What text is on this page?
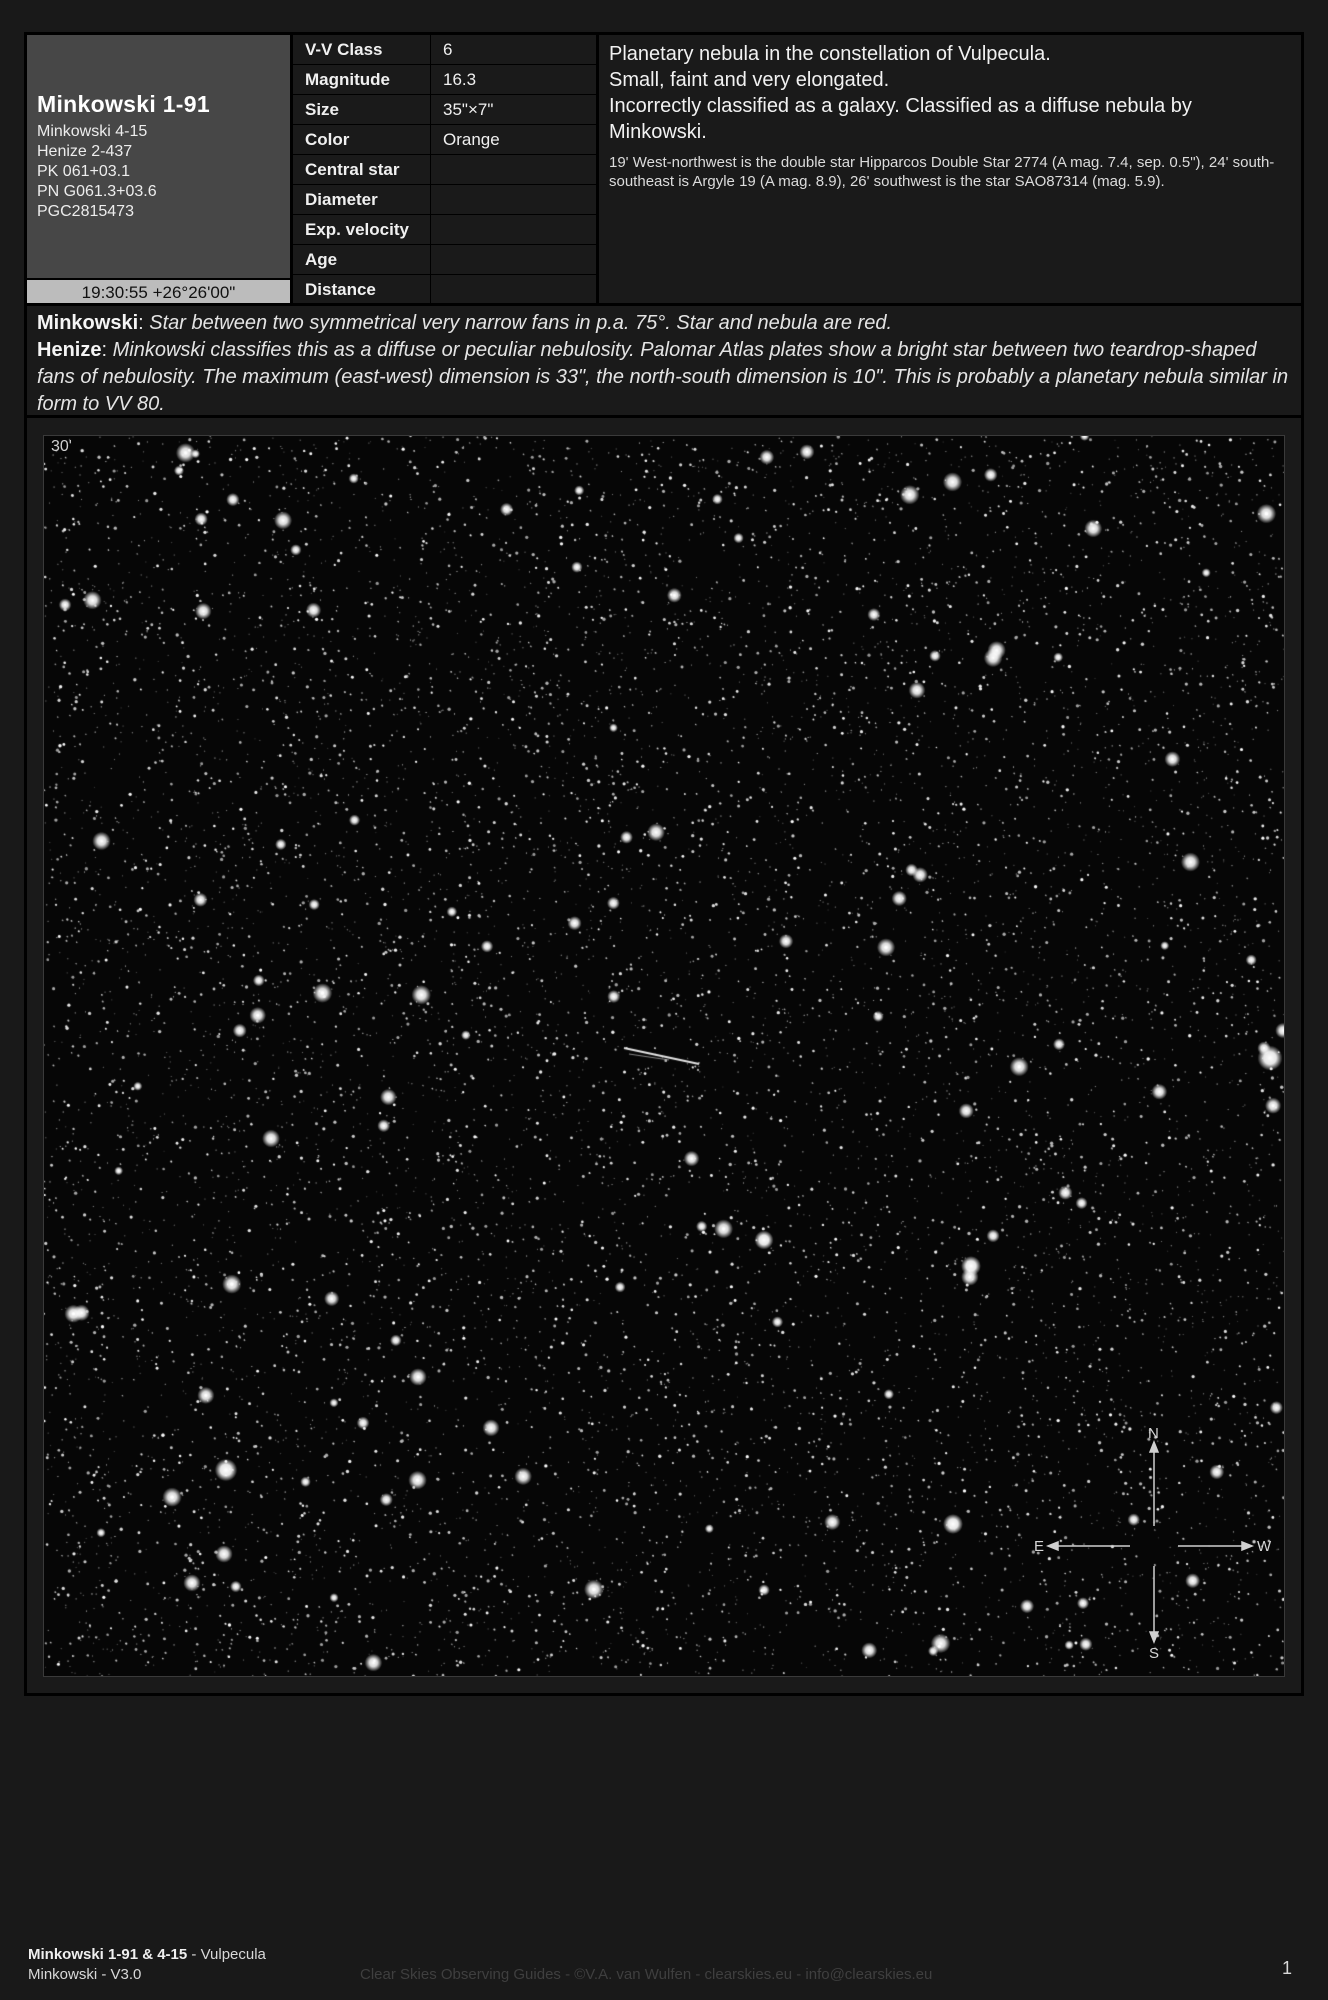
Minkowski 1-91
Minkowski 4-15
Henize 2-437
PK 061+03.1
PN G061.3+03.6
PGC2815473
19:30:55 +26°26'00"
V-V Class	6
Magnitude	16.3
Size	35"×7"
Color	Orange
Central star
Diameter
Exp. velocity
Age
Distance
Planetary nebula in the constellation of Vulpecula.
Small, faint and very elongated.
Incorrectly classified as a galaxy. Classified as a diffuse nebula by Minkowski.
19' West-northwest is the double star Hipparcos Double Star 2774 (A mag. 7.4, sep. 0.5"), 24' south-southeast is Argyle 19 (A mag. 8.9), 26' southwest is the star SAO87314 (mag. 5.9).
Minkowski: Star between two symmetrical very narrow fans in p.a. 75°. Star and nebula are red.
Henize: Minkowski classifies this as a diffuse or peculiar nebulosity. Palomar Atlas plates show a bright star between two teardrop-shaped fans of nebulosity. The maximum (east-west) dimension is 33", the north-south dimension is 10". This is probably a planetary nebula similar in form to VV 80.
30'
N
S
E	W
Minkowski 1-91 & 4-15 - Vulpecula
Minkowski - V3.0	Clear Skies Observing Guides - ©V.A. van Wulfen - clearskies.eu - info@clearskies.eu	1
